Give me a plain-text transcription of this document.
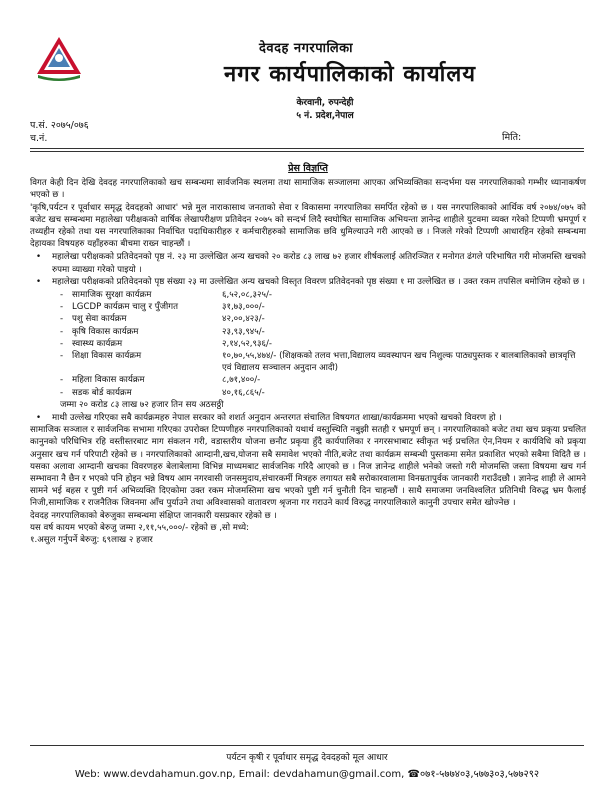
देवदह नगरपालिका
नगर कार्यपालिकाको कार्यालय
केरवानी, रुपन्देही
५ नं. प्रदेश,नेपाल
प.सं. २०७५/०७६
च.नं.	मिति:
प्रेस विज्ञप्ति

विगत केही दिन देखि देवदह नगरपालिकाको खच सम्बन्धमा सार्वजनिक स्थलमा तथा सामाजिक सञ्जालमा आएका अभिव्यक्तिका सन्दर्भमा यस नगरपालिकाको गम्भीर ध्यानाकर्षण भएको छ ।

'कृषि,पर्यटन र पूर्वाधार समृद्ध देवदहको आधार' भन्ने मुल नाराकासाथ जनताको सेवा र विकासमा नगरपालिका समर्पित रहेको छ । यस नगरपालिकाको आर्थिक वर्ष २०७४/०७५ को बजेट खच सम्बन्धमा महालेखा परीक्षकको वार्षिक लेखापरीक्षण प्रतिवेदन २०७५ को सन्दर्भ लिदै स्वघोषित सामाजिक अभियन्ता ज्ञानेन्द्र शाहीले युटवमा व्यक्त गरेको टिप्पणी भ्रमपूर्ण र तथ्यहीन रहेको तथा यस नगरपालिकाका निर्वाचित पदाधिकारीहरु र कर्मचारीहरुको सामाजिक छवि धुमिल्याउने गरी आएको छ । निजले गरेको टिप्पणी आधारहिन रहेको सम्बन्धमा देहायका विषयहरु यहाँहरुका बीचमा राख्न चाहन्छौं ।

• महालेखा परीक्षकको प्रतिवेदनको पृष्ठ नं. २३ मा उल्लेखित अन्य खचको २० करोड ८३ लाख ७२ हजार शीर्षकलाई अतिरञ्जित र मनोगत ढंगले परिभाषित गरी मोजमस्ति खचको रुपमा व्याख्या गरेको पाइयो ।
• महालेखा परीक्षकको प्रतिवेदनको पृष्ठ संख्या २३ मा उल्लेखित अन्य खचको विस्तृत विवरण प्रतिवेदनको पृष्ठ संख्या १ मा उल्लेखित छ । उक्त रकम तपसिल बमोजिम रहेको छ ।
-	सामाजिक सुरक्षा कार्यक्रम	६,५२,०८,३२५/-
-	LGCDP कार्यक्रम चालु र पुँजीगत	३१,७३,०००/-
-	पशु सेवा कार्यक्रम	४२,००,४२३/-
-	कृषि विकास कार्यक्रम	२३,९३,९४५/-
-	स्वास्थ्य कार्यक्रम	२,१४,५२,९३६/-
-	शिक्षा विकास कार्यक्रम	१०,७०,५५,४७४/- (शिक्षकको तलव भत्ता,विद्यालय व्यवस्थापन खच निशुल्क पाठ्यपुस्तक र बालबालिकाको छात्रवृत्ति एवं विद्यालय सञ्चालन अनुदान आदी)
-	महिला विकास कार्यक्रम	८,७१,४००/-
-	सडक बोर्ड कार्यक्रम	४०,१६,८६५/-
जम्मा २० करोड ८३ लाख ७२ हजार तिन सय अठसठ्ठी
• माथी उल्लेख गरिएका सबै कार्यक्रमहरु नेपाल सरकार को शशर्त अनुदान अन्तरगत संचालित विषयगत शाखा/कार्यक्रममा भएको खचको विवरण हो ।

सामाजिक सञ्जाल र सार्वजनिक सभामा गरिएका उपरोक्त टिप्पणीहरु नगरपालिकाको यथार्थ वस्तुस्थिति नबुझी सतही र भ्रमपूर्ण छन् । नगरपालिकाको बजेट तथा खच प्रकृया प्रचलित कानुनको परिधिभित्र रहि वस्तीस्तरबाट माग संकलन गरी, वडास्तरीय योजना छनौट प्रकृया हुँदै कार्यपालिका र नगरसभाबाट स्वीकृत भई प्रचलित ऐन,नियम र कार्यविधि को प्रकृया अनुसार खच गर्न परिपाटी रहेको छ । नगरपालिकाको आम्दानी,खच,योजना सबै समावेश भएको नीति,बजेट तथा कार्यक्रम सम्बन्धी पुस्तकमा समेत प्रकाशित भएको सबैमा विदितै छ । यसका अलावा आम्दानी खचका विवरणहरु बेलाबेलामा विभिन्न माध्यमबाट सार्वजनिक गरिदै आएको छ । निज ज्ञानेन्द्र शाहीले भनेको जस्तो गरी मोजमस्ति जस्ता विषयमा खच गर्न सम्भावना नै छैन र भएको पनि होइन भन्ने विषय आम नगरवासी जनसमुदाय,संचारकर्मी मित्रहरु लगायत सबै सरोकारवालामा विनम्रतापुर्वक जानकारी गराउँदछौ । ज्ञानेन्द्र शाही ले आमने सामने भई बहस र पुष्टी गर्न अभिव्यक्ति दिएकोमा उक्त रकम मोजमस्तिमा खच भएको पुष्टी गर्न चुनौती दिन चाहन्छौं । साथै समाजमा जनविश्वलित प्रतिनिधी विरुद्ध भ्रम फैलाई निजी,सामाजिक र राजनैतिक जिवनमा आँच पुर्याउने तथा अविश्वासको वातावरण श्रृजना गर गराउने कार्य विरुद्ध नगरपालिकाले कानुनी उपचार समेत खोज्नेछ ।

देवदह नगरपालिकाको बेरुजुका सम्बन्धमा संक्षिप्त जानकारी यसप्रकार रहेको छ ।

यस वर्ष कायम भएको बेरुजु जम्मा २,११,५५,०००/- रहेको छ ,सो मध्ये:

१.असुल गर्नुपर्ने बेरुजु: ६९लाख २ हजार

पर्यटन कृषी र पूर्वाधार समृद्ध देवदहको मूल आधार
Web: www.devdahamun.gov.np, Email: devdahamun@gmail.com, ☎०७१-५७७४०३,५७७३०३,५७७२९२
